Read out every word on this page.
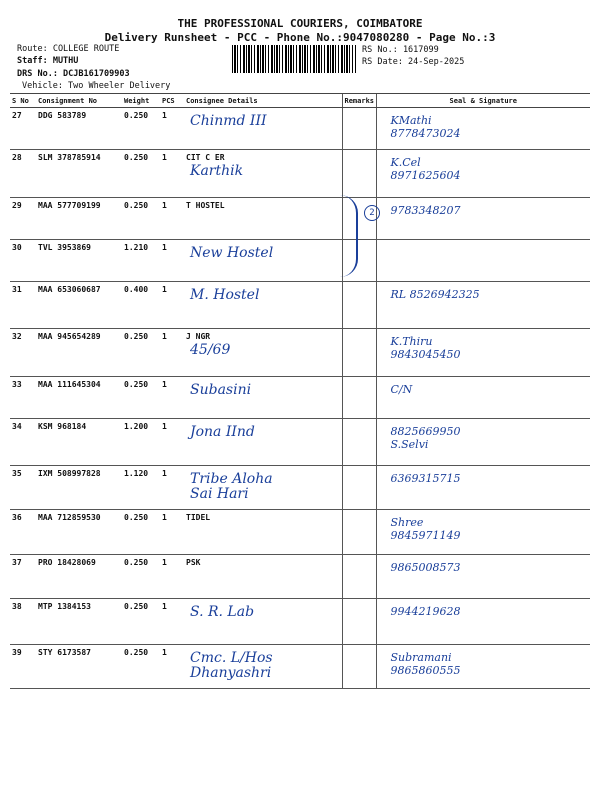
THE PROFESSIONAL COURIERS, COIMBATORE
Delivery Runsheet - PCC - Phone No.:9047080280 - Page No.:3
Route: COLLEGE ROUTE
Staff: MUTHU
DRS No.: DCJB161709903
Vehicle: Two Wheeler Delivery
RS No.: 1617099
RS Date: 24-Sep-2025
S No	Consignment No	Weight	PCS	Consignee Details	Remarks	Seal & Signature
27	DDG 583789	0.250	1	Chinmd III		KMathi
8778473024

28	SLM 378785914	0.250	1	CIT C ER
Karthik		K.Cel
8971625604

29	MAA 577709199	0.250	1	T HOSTEL		9783348207

30	TVL 3953869	1.210	1	New Hostel		

31	MAA 653060687	0.400	1	M. Hostel		RL 8526942325

32	MAA 945654289	0.250	1	J NGR
45/69		K.Thiru
9843045450

33	MAA 111645304	0.250	1	Subasini		C/N

34	KSM 968184	1.200	1	Jona IInd		8825669950
S.Selvi

35	IXM 508997828	1.120	1	Tribe Aloha
Sai Hari		6369315715

36	MAA 712859530	0.250	1	TIDEL		Shree
9845971149

37	PRO 18428069	0.250	1	PSK		9865008573

38	MTP 1384153	0.250	1	S. R. Lab		9944219628

39	STY 6173587	0.250	1	Cmc. L/Hos
Dhanyashri		Subramani
9865860555
2
